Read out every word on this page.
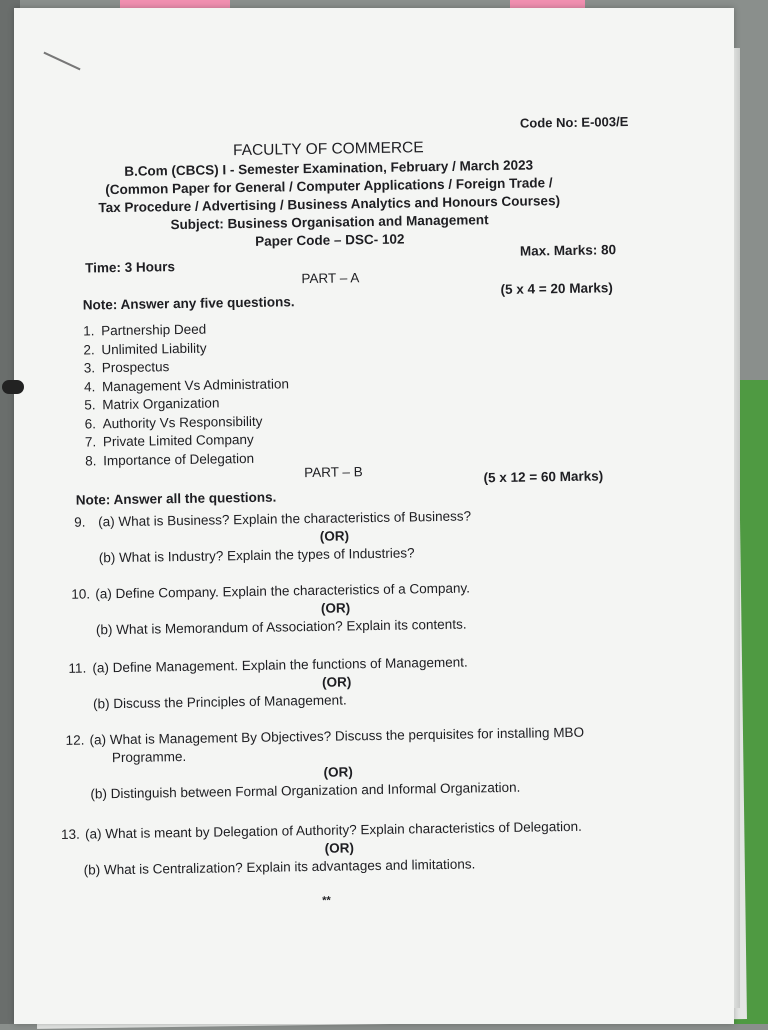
Code No: E-003/E
FACULTY OF COMMERCE
B.Com (CBCS) I - Semester Examination, February / March 2023
(Common Paper for General / Computer Applications / Foreign Trade /
Tax Procedure / Advertising / Business Analytics and Honours Courses)
Subject: Business Organisation and Management
Paper Code – DSC- 102
Time: 3 Hours
Max. Marks: 80
PART – A
Note: Answer any five questions.
(5 x 4 = 20 Marks)
1. Partnership Deed
2. Unlimited Liability
3. Prospectus
4. Management Vs Administration
5. Matrix Organization
6. Authority Vs Responsibility
7. Private Limited Company
8. Importance of Delegation
PART – B
Note: Answer all the questions.
(5 x 12 = 60 Marks)
9. (a) What is Business? Explain the characteristics of Business?
(OR)
(b) What is Industry? Explain the types of Industries?
10. (a) Define Company. Explain the characteristics of a Company.
(OR)
(b) What is Memorandum of Association? Explain its contents.
11. (a) Define Management. Explain the functions of Management.
(OR)
(b) Discuss the Principles of Management.
12. (a) What is Management By Objectives? Discuss the perquisites for installing MBO
Programme.
(OR)
(b) Distinguish between Formal Organization and Informal Organization.
13. (a) What is meant by Delegation of Authority? Explain characteristics of Delegation.
(OR)
(b) What is Centralization? Explain its advantages and limitations.
**
